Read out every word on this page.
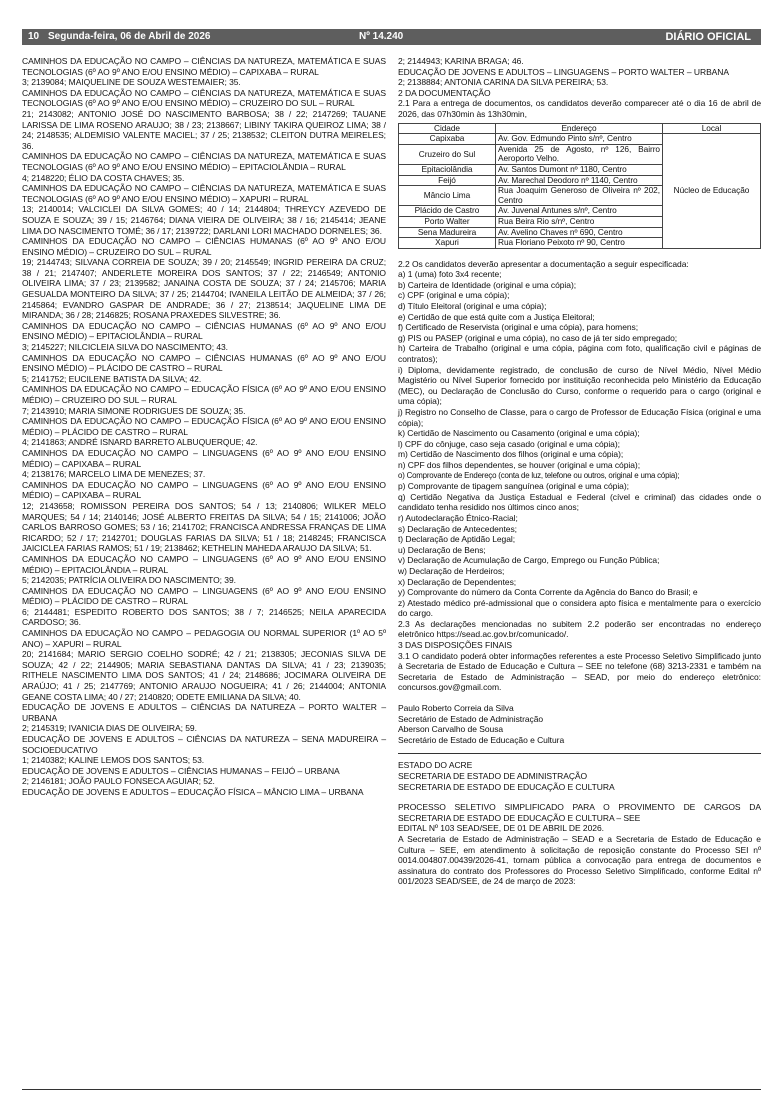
10 Segunda-feira, 06 de Abril de 2026	Nº 14.240	DIÁRIO OFICIAL

CAMINHOS DA EDUCAÇÃO NO CAMPO – CIÊNCIAS DA NATUREZA, MATEMÁTICA E SUAS TECNOLOGIAS (6º AO 9º ANO E/OU ENSINO MÉDIO) – CAPIXABA – RURAL

3; 2139084; MAIQUELINE DE SOUZA WESTEMAIER; 35.

CAMINHOS DA EDUCAÇÃO NO CAMPO – CIÊNCIAS DA NATUREZA, MATEMÁTICA E SUAS TECNOLOGIAS (6º AO 9º ANO E/OU ENSINO MÉDIO) – CRUZEIRO DO SUL – RURAL

21; 2143082; ANTONIO JOSÉ DO NASCIMENTO BARBOSA; 38 / 22; 2147269; TAUANE LARISSA DE LIMA ROSENO ARAUJO; 38 / 23; 2138667; LIBINY TAKIRA QUEIROZ LIMA; 38 / 24; 2148535; ALDEMISIO VALENTE MACIEL; 37 / 25; 2138532; CLEITON DUTRA MEIRELES; 36.

CAMINHOS DA EDUCAÇÃO NO CAMPO – CIÊNCIAS DA NATUREZA, MATEMÁTICA E SUAS TECNOLOGIAS (6º AO 9º ANO E/OU ENSINO MÉDIO) – EPITACIOLÂNDIA – RURAL

4; 2148220; ÉLIO DA COSTA CHAVES; 35.

CAMINHOS DA EDUCAÇÃO NO CAMPO – CIÊNCIAS DA NATUREZA, MATEMÁTICA E SUAS TECNOLOGIAS (6º AO 9º ANO E/OU ENSINO MÉDIO) – XAPURI – RURAL

13; 2140014; VALCICLEI DA SILVA GOMES; 40 / 14; 2144804; THREYCY AZEVEDO DE SOUZA E SOUZA; 39 / 15; 2146764; DIANA VIEIRA DE OLIVEIRA; 38 / 16; 2145414; JEANE LIMA DO NASCIMENTO TOMÉ; 36 / 17; 2139722; DARLANI LORI MACHADO DORNELES; 36.

CAMINHOS DA EDUCAÇÃO NO CAMPO – CIÊNCIAS HUMANAS (6º AO 9º ANO E/OU ENSINO MÉDIO) – CRUZEIRO DO SUL – RURAL

19; 2144743; SILVANA CORREIA DE SOUZA; 39 / 20; 2145549; INGRID PEREIRA DA CRUZ; 38 / 21; 2147407; ANDERLETE MOREIRA DOS SANTOS; 37 / 22; 2146549; ANTONIO OLIVEIRA LIMA; 37 / 23; 2139582; JANAINA COSTA DE SOUZA; 37 / 24; 2145706; MARIA GESUALDA MONTEIRO DA SILVA; 37 / 25; 2144704; IVANEILA LEITÃO DE ALMEIDA; 37 / 26; 2145864; EVANDRO GASPAR DE ANDRADE; 36 / 27; 2138514; JAQUELINE LIMA DE MIRANDA; 36 / 28; 2146825; ROSANA PRAXEDES SILVESTRE; 36.

CAMINHOS DA EDUCAÇÃO NO CAMPO – CIÊNCIAS HUMANAS (6º AO 9º ANO E/OU ENSINO MÉDIO) – EPITACIOLÂNDIA – RURAL

3; 2145227; NILCICLEIA SILVA DO NASCIMENTO; 43.

CAMINHOS DA EDUCAÇÃO NO CAMPO – CIÊNCIAS HUMANAS (6º AO 9º ANO E/OU ENSINO MÉDIO) – PLÁCIDO DE CASTRO – RURAL

5; 2141752; EUCILENE BATISTA DA SILVA; 42.

CAMINHOS DA EDUCAÇÃO NO CAMPO – EDUCAÇÃO FÍSICA (6º AO 9º ANO E/OU ENSINO MÉDIO) – CRUZEIRO DO SUL – RURAL

7; 2143910; MARIA SIMONE RODRIGUES DE SOUZA; 35.

CAMINHOS DA EDUCAÇÃO NO CAMPO – EDUCAÇÃO FÍSICA (6º AO 9º ANO E/OU ENSINO MÉDIO) – PLÁCIDO DE CASTRO – RURAL

4; 2141863; ANDRÉ ISNARD BARRETO ALBUQUERQUE; 42.

CAMINHOS DA EDUCAÇÃO NO CAMPO – LINGUAGENS (6º AO 9º ANO E/OU ENSINO MÉDIO) – CAPIXABA – RURAL

4; 2138176; MARCELO LIMA DE MENEZES; 37.

CAMINHOS DA EDUCAÇÃO NO CAMPO – LINGUAGENS (6º AO 9º ANO E/OU ENSINO MÉDIO) – CAPIXABA – RURAL

12; 2143658; ROMISSON PEREIRA DOS SANTOS; 54 / 13; 2140806; WILKER MELO MARQUES; 54 / 14; 2140146; JOSÉ ALBERTO FREITAS DA SILVA; 54 / 15; 2141006; JOÃO CARLOS BARROSO GOMES; 53 / 16; 2141702; FRANCISCA ANDRESSA FRANÇAS DE LIMA RICARDO; 52 / 17; 2142701; DOUGLAS FARIAS DA SILVA; 51 / 18; 2148245; FRANCISCA JAICICLEA FARIAS RAMOS; 51 / 19; 2138462; KETHELIN MAHEDA ARAUJO DA SILVA; 51.

CAMINHOS DA EDUCAÇÃO NO CAMPO – LINGUAGENS (6º AO 9º ANO E/OU ENSINO MÉDIO) – EPITACIOLÂNDIA – RURAL

5; 2142035; PATRÍCIA OLIVEIRA DO NASCIMENTO; 39.

CAMINHOS DA EDUCAÇÃO NO CAMPO – LINGUAGENS (6º AO 9º ANO E/OU ENSINO MÉDIO) – PLÁCIDO DE CASTRO – RURAL

6; 2144481; ESPEDITO ROBERTO DOS SANTOS; 38 / 7; 2146525; NEILA APARECIDA CARDOSO; 36.

CAMINHOS DA EDUCAÇÃO NO CAMPO – PEDAGOGIA OU NORMAL SUPERIOR (1º AO 5º ANO) – XAPURI – RURAL

20; 2141684; MARIO SERGIO COELHO SODRÉ; 42 / 21; 2138305; JECONIAS SILVA DE SOUZA; 42 / 22; 2144905; MARIA SEBASTIANA DANTAS DA SILVA; 41 / 23; 2139035; RITHELE NASCIMENTO LIMA DOS SANTOS; 41 / 24; 2148686; JOCIMARA OLIVEIRA DE ARAÚJO; 41 / 25; 2147769; ANTONIO ARAUJO NOGUEIRA; 41 / 26; 2144004; ANTONIA GEANE COSTA LIMA; 40 / 27; 2140820; ODETE EMILIANA DA SILVA; 40.

EDUCAÇÃO DE JOVENS E ADULTOS – CIÊNCIAS DA NATUREZA – PORTO WALTER – URBANA

2; 2145319; IVANICIA DIAS DE OLIVEIRA; 59.

EDUCAÇÃO DE JOVENS E ADULTOS – CIÊNCIAS DA NATUREZA – SENA MADUREIRA – SOCIOEDUCATIVO

1; 2140382; KALINE LEMOS DOS SANTOS; 53.

EDUCAÇÃO DE JOVENS E ADULTOS – CIÊNCIAS HUMANAS – FEIJÓ – URBANA

2; 2146181; JOÃO PAULO FONSECA AGUIAR; 52.

EDUCAÇÃO DE JOVENS E ADULTOS – EDUCAÇÃO FÍSICA – MÂNCIO LIMA – URBANA

2; 2144943; KARINA BRAGA; 46.

EDUCAÇÃO DE JOVENS E ADULTOS – LINGUAGENS – PORTO WALTER – URBANA

2; 2138884; ANTONIA CARINA DA SILVA PEREIRA; 53.

2 DA DOCUMENTAÇÃO

2.1 Para a entrega de documentos, os candidatos deverão comparecer até o dia 16 de abril de 2026, das 07h30min às 13h30min,

Cidade	Endereço	Local
Capixaba	Av. Gov. Edmundo Pinto s/nº, Centro	Núcleo de Educação
Cruzeiro do Sul	Avenida 25 de Agosto, nº 126, Bairro Aeroporto Velho.	
Epitaciolândia	Av. Santos Dumont nº 1180, Centro	
Feijó	Av. Marechal Deodoro nº 1140, Centro	
Mâncio Lima	Rua Joaquim Generoso de Oliveira nº 202, Centro	
Plácido de Castro	Av. Juvenal Antunes s/nº, Centro	
Porto Walter	Rua Beira Rio s/nº, Centro	
Sena Madureira	Av. Avelino Chaves nº 690, Centro	
Xapuri	Rua Floriano Peixoto nº 90, Centro	

2.2 Os candidatos deverão apresentar a documentação a seguir especificada:

a) 1 (uma) foto 3x4 recente;

b) Carteira de Identidade (original e uma cópia);

c) CPF (original e uma cópia);

d) Título Eleitoral (original e uma cópia);

e) Certidão de que está quite com a Justiça Eleitoral;

f) Certificado de Reservista (original e uma cópia), para homens;

g) PIS ou PASEP (original e uma cópia), no caso de já ter sido empregado;

h) Carteira de Trabalho (original e uma cópia, página com foto, qualificação civil e páginas de contratos);

i) Diploma, devidamente registrado, de conclusão de curso de Nível Médio, Nível Médio Magistério ou Nível Superior fornecido por instituição reconhecida pelo Ministério da Educação (MEC), ou Declaração de Conclusão do Curso, conforme o requerido para o cargo (original e uma cópia);

j) Registro no Conselho de Classe, para o cargo de Professor de Educação Física (original e uma cópia);

k) Certidão de Nascimento ou Casamento (original e uma cópia);

l) CPF do cônjuge, caso seja casado (original e uma cópia);

m) Certidão de Nascimento dos filhos (original e uma cópia);

n) CPF dos filhos dependentes, se houver (original e uma cópia);

o) Comprovante de Endereço (conta de luz, telefone ou outros, original e uma cópia);

p) Comprovante de tipagem sanguínea (original e uma cópia);

q) Certidão Negativa da Justiça Estadual e Federal (cível e criminal) das cidades onde o candidato tenha residido nos últimos cinco anos;

r) Autodeclaração Étnico-Racial;

s) Declaração de Antecedentes;

t) Declaração de Aptidão Legal;

u) Declaração de Bens;

v) Declaração de Acumulação de Cargo, Emprego ou Função Pública;

w) Declaração de Herdeiros;

x) Declaração de Dependentes;

y) Comprovante do número da Conta Corrente da Agência do Banco do Brasil; e

z) Atestado médico pré-admissional que o considera apto física e mentalmente para o exercício do cargo.

2.3 As declarações mencionadas no subitem 2.2 poderão ser encontradas no endereço eletrônico https://sead.ac.gov.br/comunicado/.

3 DAS DISPOSIÇÕES FINAIS

3.1 O candidato poderá obter informações referentes a este Processo Seletivo Simplificado junto à Secretaria de Estado de Educação e Cultura – SEE no telefone (68) 3213-2331 e também na Secretaria de Estado de Administração – SEAD, por meio do endereço eletrônico: concursos.gov@gmail.com.

Paulo Roberto Correia da Silva

Secretário de Estado de Administração

Aberson Carvalho de Sousa

Secretário de Estado de Educação e Cultura

ESTADO DO ACRE

SECRETARIA DE ESTADO DE ADMINISTRAÇÃO

SECRETARIA DE ESTADO DE EDUCAÇÃO E CULTURA

PROCESSO SELETIVO SIMPLIFICADO PARA O PROVIMENTO DE CARGOS DA SECRETARIA DE ESTADO DE EDUCAÇÃO E CULTURA – SEE

EDITAL Nº 103 SEAD/SEE, DE 01 DE ABRIL DE 2026.

A Secretaria de Estado de Administração – SEAD e a Secretaria de Estado de Educação e Cultura – SEE, em atendimento à solicitação de reposição constante do Processo SEI nº 0014.004807.00439/2026-41, tornam pública a convocação para entrega de documentos e assinatura do contrato dos Professores do Processo Seletivo Simplificado, conforme Edital nº 001/2023 SEAD/SEE, de 24 de março de 2023:
